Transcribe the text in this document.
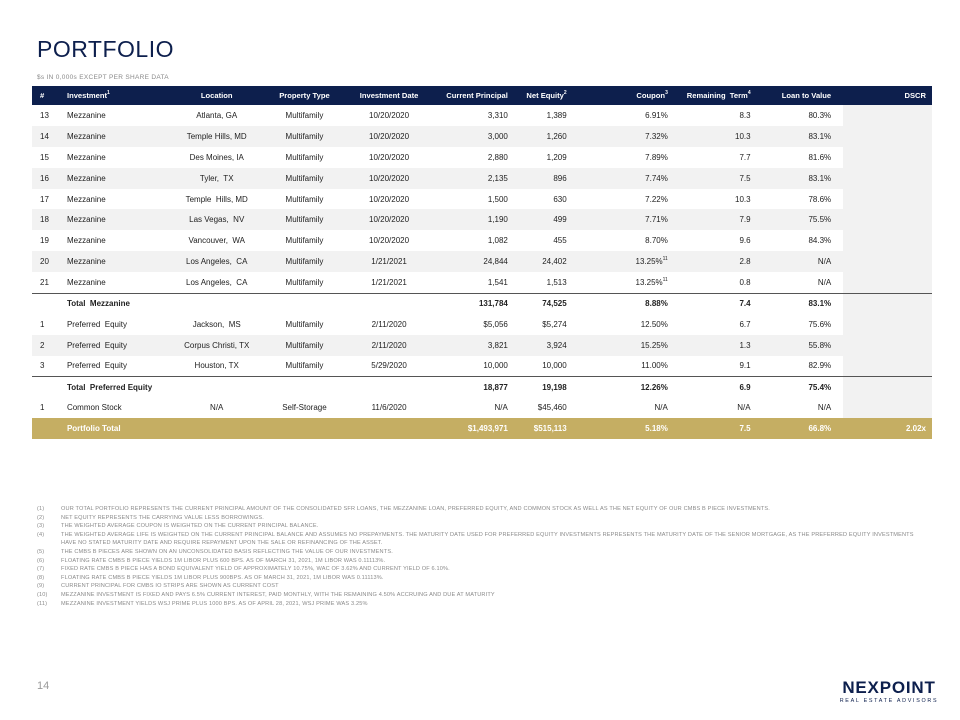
PORTFOLIO
$s IN 0,000s EXCEPT PER SHARE DATA
#	Investment$^1$	Location	Property Type	Investment Date	Current Principal	Net Equity$^2$	Coupon$^3$	Remaining  Term$^4$	Loan to Value	DSCR
13	Mezzanine	Atlanta, GA	Multifamily	10/20/2020	3,310	1,389	6.91%	8.3	80.3%	
14	Mezzanine	Temple Hills, MD	Multifamily	10/20/2020	3,000	1,260	7.32%	10.3	83.1%	
15	Mezzanine	Des Moines, IA	Multifamily	10/20/2020	2,880	1,209	7.89%	7.7	81.6%	
16	Mezzanine	Tyler,  TX	Multifamily	10/20/2020	2,135	896	7.74%	7.5	83.1%	
17	Mezzanine	Temple  Hills, MD	Multifamily	10/20/2020	1,500	630	7.22%	10.3	78.6%	
18	Mezzanine	Las Vegas,  NV	Multifamily	10/20/2020	1,190	499	7.71%	7.9	75.5%	
19	Mezzanine	Vancouver,  WA	Multifamily	10/20/2020	1,082	455	8.70%	9.6	84.3%	
20	Mezzanine	Los Angeles,  CA	Multifamily	1/21/2021	24,844	24,402	13.25%$^{11}$	2.8	N/A	
21	Mezzanine	Los Angeles,  CA	Multifamily	1/21/2021	1,541	1,513	13.25%$^{11}$	0.8	N/A	
	Total  Mezzanine				131,784	74,525	8.88%	7.4	83.1%	
1	Preferred  Equity	Jackson,  MS	Multifamily	2/11/2020	$5,056	$5,274	12.50%	6.7	75.6%	
2	Preferred  Equity	Corpus Christi, TX	Multifamily	2/11/2020	3,821	3,924	15.25%	1.3	55.8%	
3	Preferred  Equity	Houston, TX	Multifamily	5/29/2020	10,000	10,000	11.00%	9.1	82.9%	
	Total  Preferred Equity				18,877	19,198	12.26%	6.9	75.4%	
1	Common Stock	N/A	Self-Storage	11/6/2020	N/A	$45,460	N/A	N/A	N/A	
	Portfolio Total				$1,493,971	$515,113	5.18%	7.5	66.8%	2.02x
(1)	OUR TOTAL PORTFOLIO REPRESENTS THE CURRENT PRINCIPAL AMOUNT OF THE CONSOLIDATED SFR LOANS, THE MEZZANINE LOAN, PREFERRED EQUITY, AND COMMON STOCK AS WELL AS THE NET EQUITY OF OUR CMBS B PIECE INVESTMENTS.
(2)	NET EQUITY REPRESENTS THE CARRYING VALUE LESS BORROWINGS.
(3)	THE WEIGHTED AVERAGE COUPON IS WEIGHTED ON THE CURRENT PRINCIPAL BALANCE.
(4)	THE WEIGHTED AVERAGE LIFE IS WEIGHTED ON THE CURRENT PRINCIPAL BALANCE AND ASSUMES NO PREPAYMENTS. THE MATURITY DATE USED FOR PREFERRED EQUITY INVESTMENTS REPRESENTS THE MATURITY DATE OF THE SENIOR MORTGAGE, AS THE PREFERRED EQUITY INVESTMENTS HAVE NO STATED MATURITY DATE AND REQUIRE REPAYMENT UPON THE SALE OR REFINANCING OF THE ASSET.
(5)	THE CMBS B PIECES ARE SHOWN ON AN UNCONSOLIDATED BASIS REFLECTING THE VALUE OF OUR INVESTMENTS.
(6)	FLOATING RATE CMBS B PIECE YIELDS 1M LIBOR PLUS 600 BPS. AS OF MARCH 31, 2021, 1M LIBOR WAS 0.11113%.
(7)	FIXED RATE CMBS B PIECE HAS A BOND EQUIVALENT YIELD OF APPROXIMATELY 10.75%, WAC OF 3.62% AND CURRENT YIELD OF 6.10%.
(8)	FLOATING RATE CMBS B PIECE YIELDS 1M LIBOR PLUS 900BPS. AS OF MARCH 31, 2021, 1M LIBOR WAS 0.11113%.
(9)	CURRENT PRINCIPAL FOR CMBS IO STRIPS ARE SHOWN AS CURRENT COST
(10)	MEZZANINE INVESTMENT IS FIXED AND PAYS 6.5% CURRENT INTEREST, PAID MONTHLY, WITH THE REMAINING 4.50% ACCRUING AND DUE AT MATURITY
(11)	MEZZANINE INVESTMENT YIELDS WSJ PRIME PLUS 1000 BPS. AS OF APRIL 28, 2021, WSJ PRIME WAS 3.25%
14	NEXPOINT
REAL ESTATE ADVISORS
